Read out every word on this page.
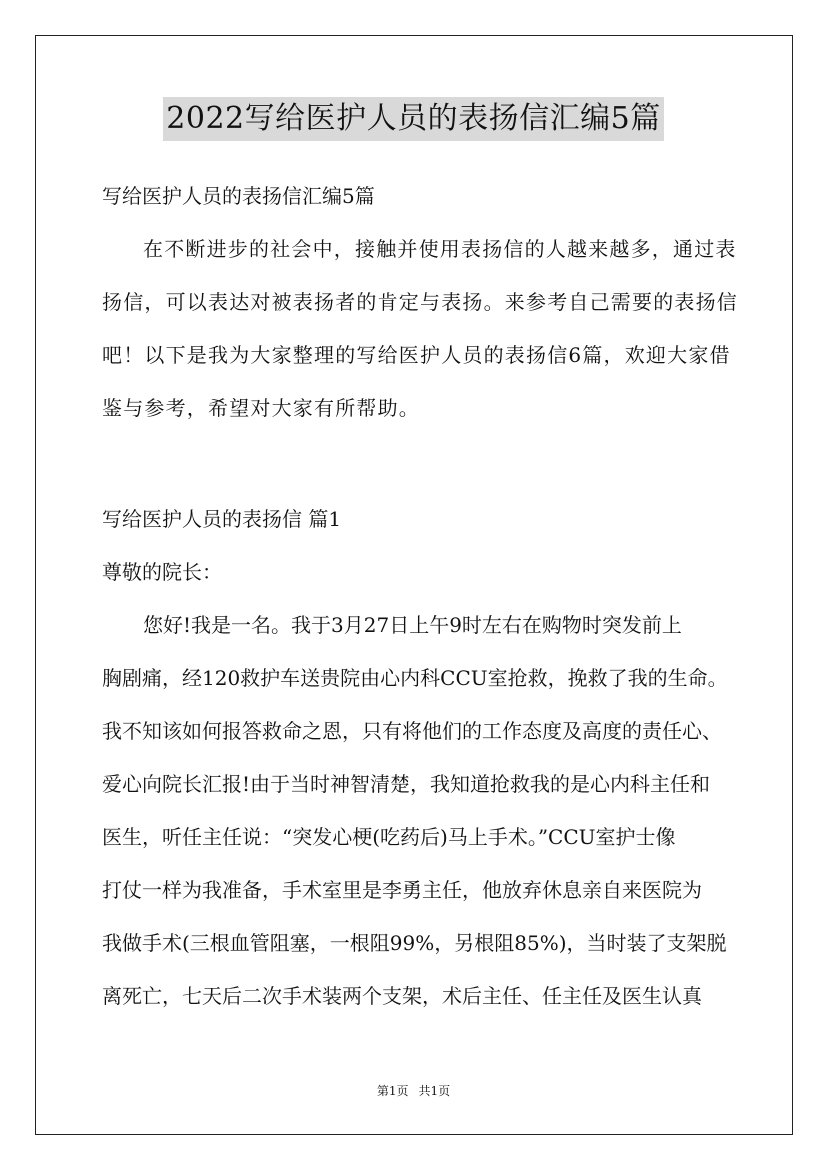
2022写给医护人员的表扬信汇编5篇
写给医护人员的表扬信汇编5篇
在不断进步的社会中，接触并使用表扬信的人越来越多，通过表
扬信，可以表达对被表扬者的肯定与表扬。来参考自己需要的表扬信
吧！以下是我为大家整理的写给医护人员的表扬信6篇，欢迎大家借
鉴与参考，希望对大家有所帮助。
写给医护人员的表扬信 篇1
尊敬的院长：
您好!我是一名。我于3月27日上午9时左右在购物时突发前上
胸剧痛，经120救护车送贵院由心内科CCU室抢救，挽救了我的生命。
我不知该如何报答救命之恩，只有将他们的工作态度及高度的责任心、
爱心向院长汇报!由于当时神智清楚，我知道抢救我的是心内科主任和
医生，听任主任说：“突发心梗(吃药后)马上手术。”CCU室护士像
打仗一样为我准备，手术室里是李勇主任，他放弃休息亲自来医院为
我做手术(三根血管阻塞，一根阻99%，另根阻85%)，当时装了支架脱
离死亡，七天后二次手术装两个支架，术后主任、任主任及医生认真
第1页 共1页
